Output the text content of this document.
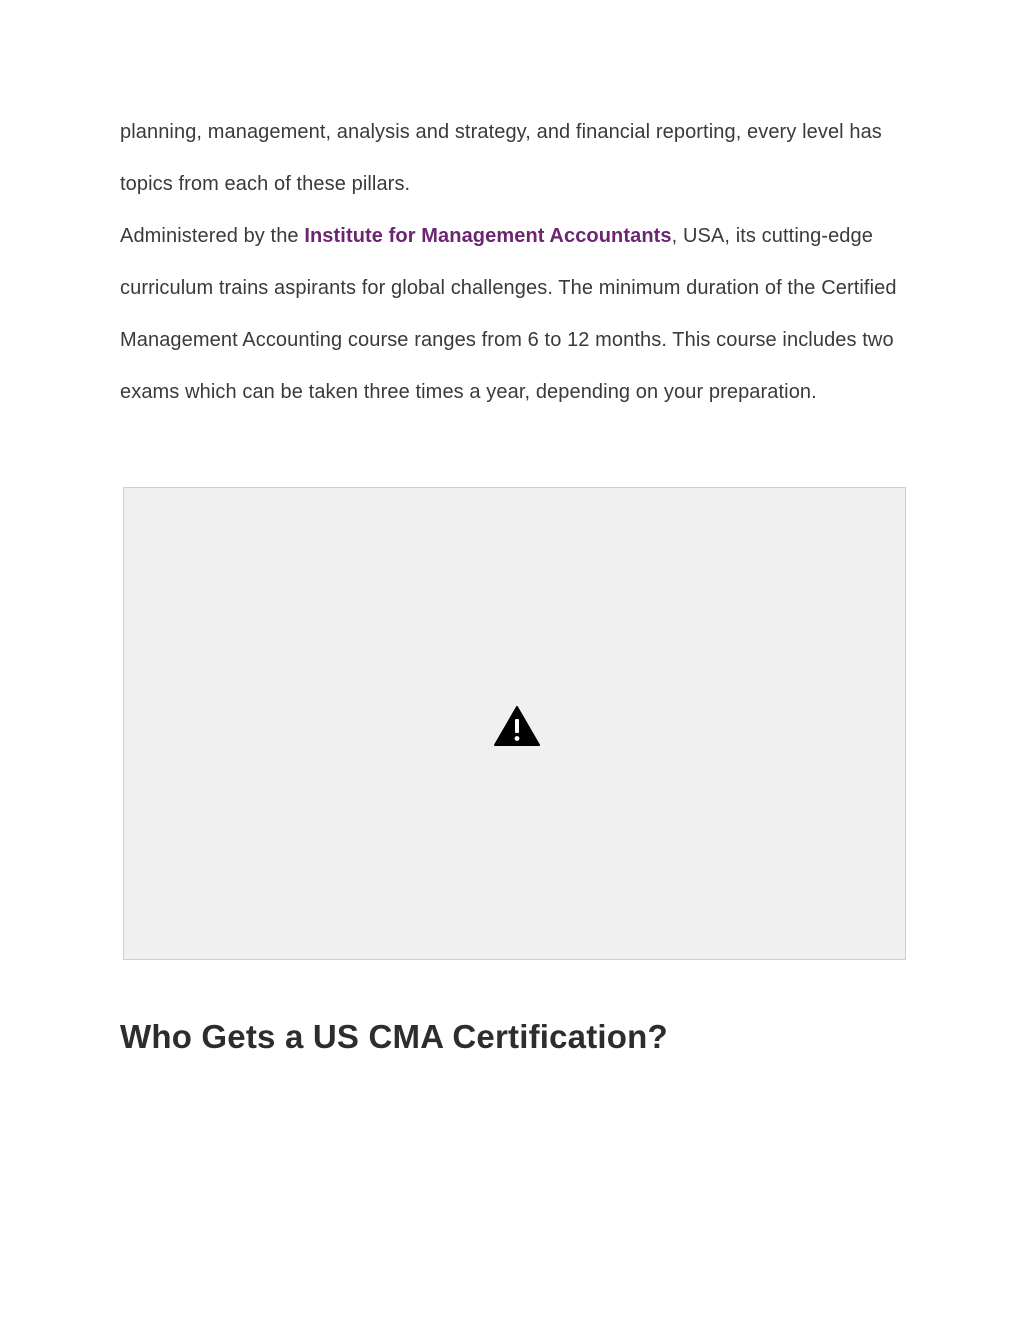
planning, management, analysis and strategy, and financial reporting, every level has topics from each of these pillars.

Administered by the Institute for Management Accountants, USA, its cutting-edge curriculum trains aspirants for global challenges. The minimum duration of the Certified Management Accounting course ranges from 6 to 12 months. This course includes two exams which can be taken three times a year, depending on your preparation.

Who Gets a US CMA Certification?
